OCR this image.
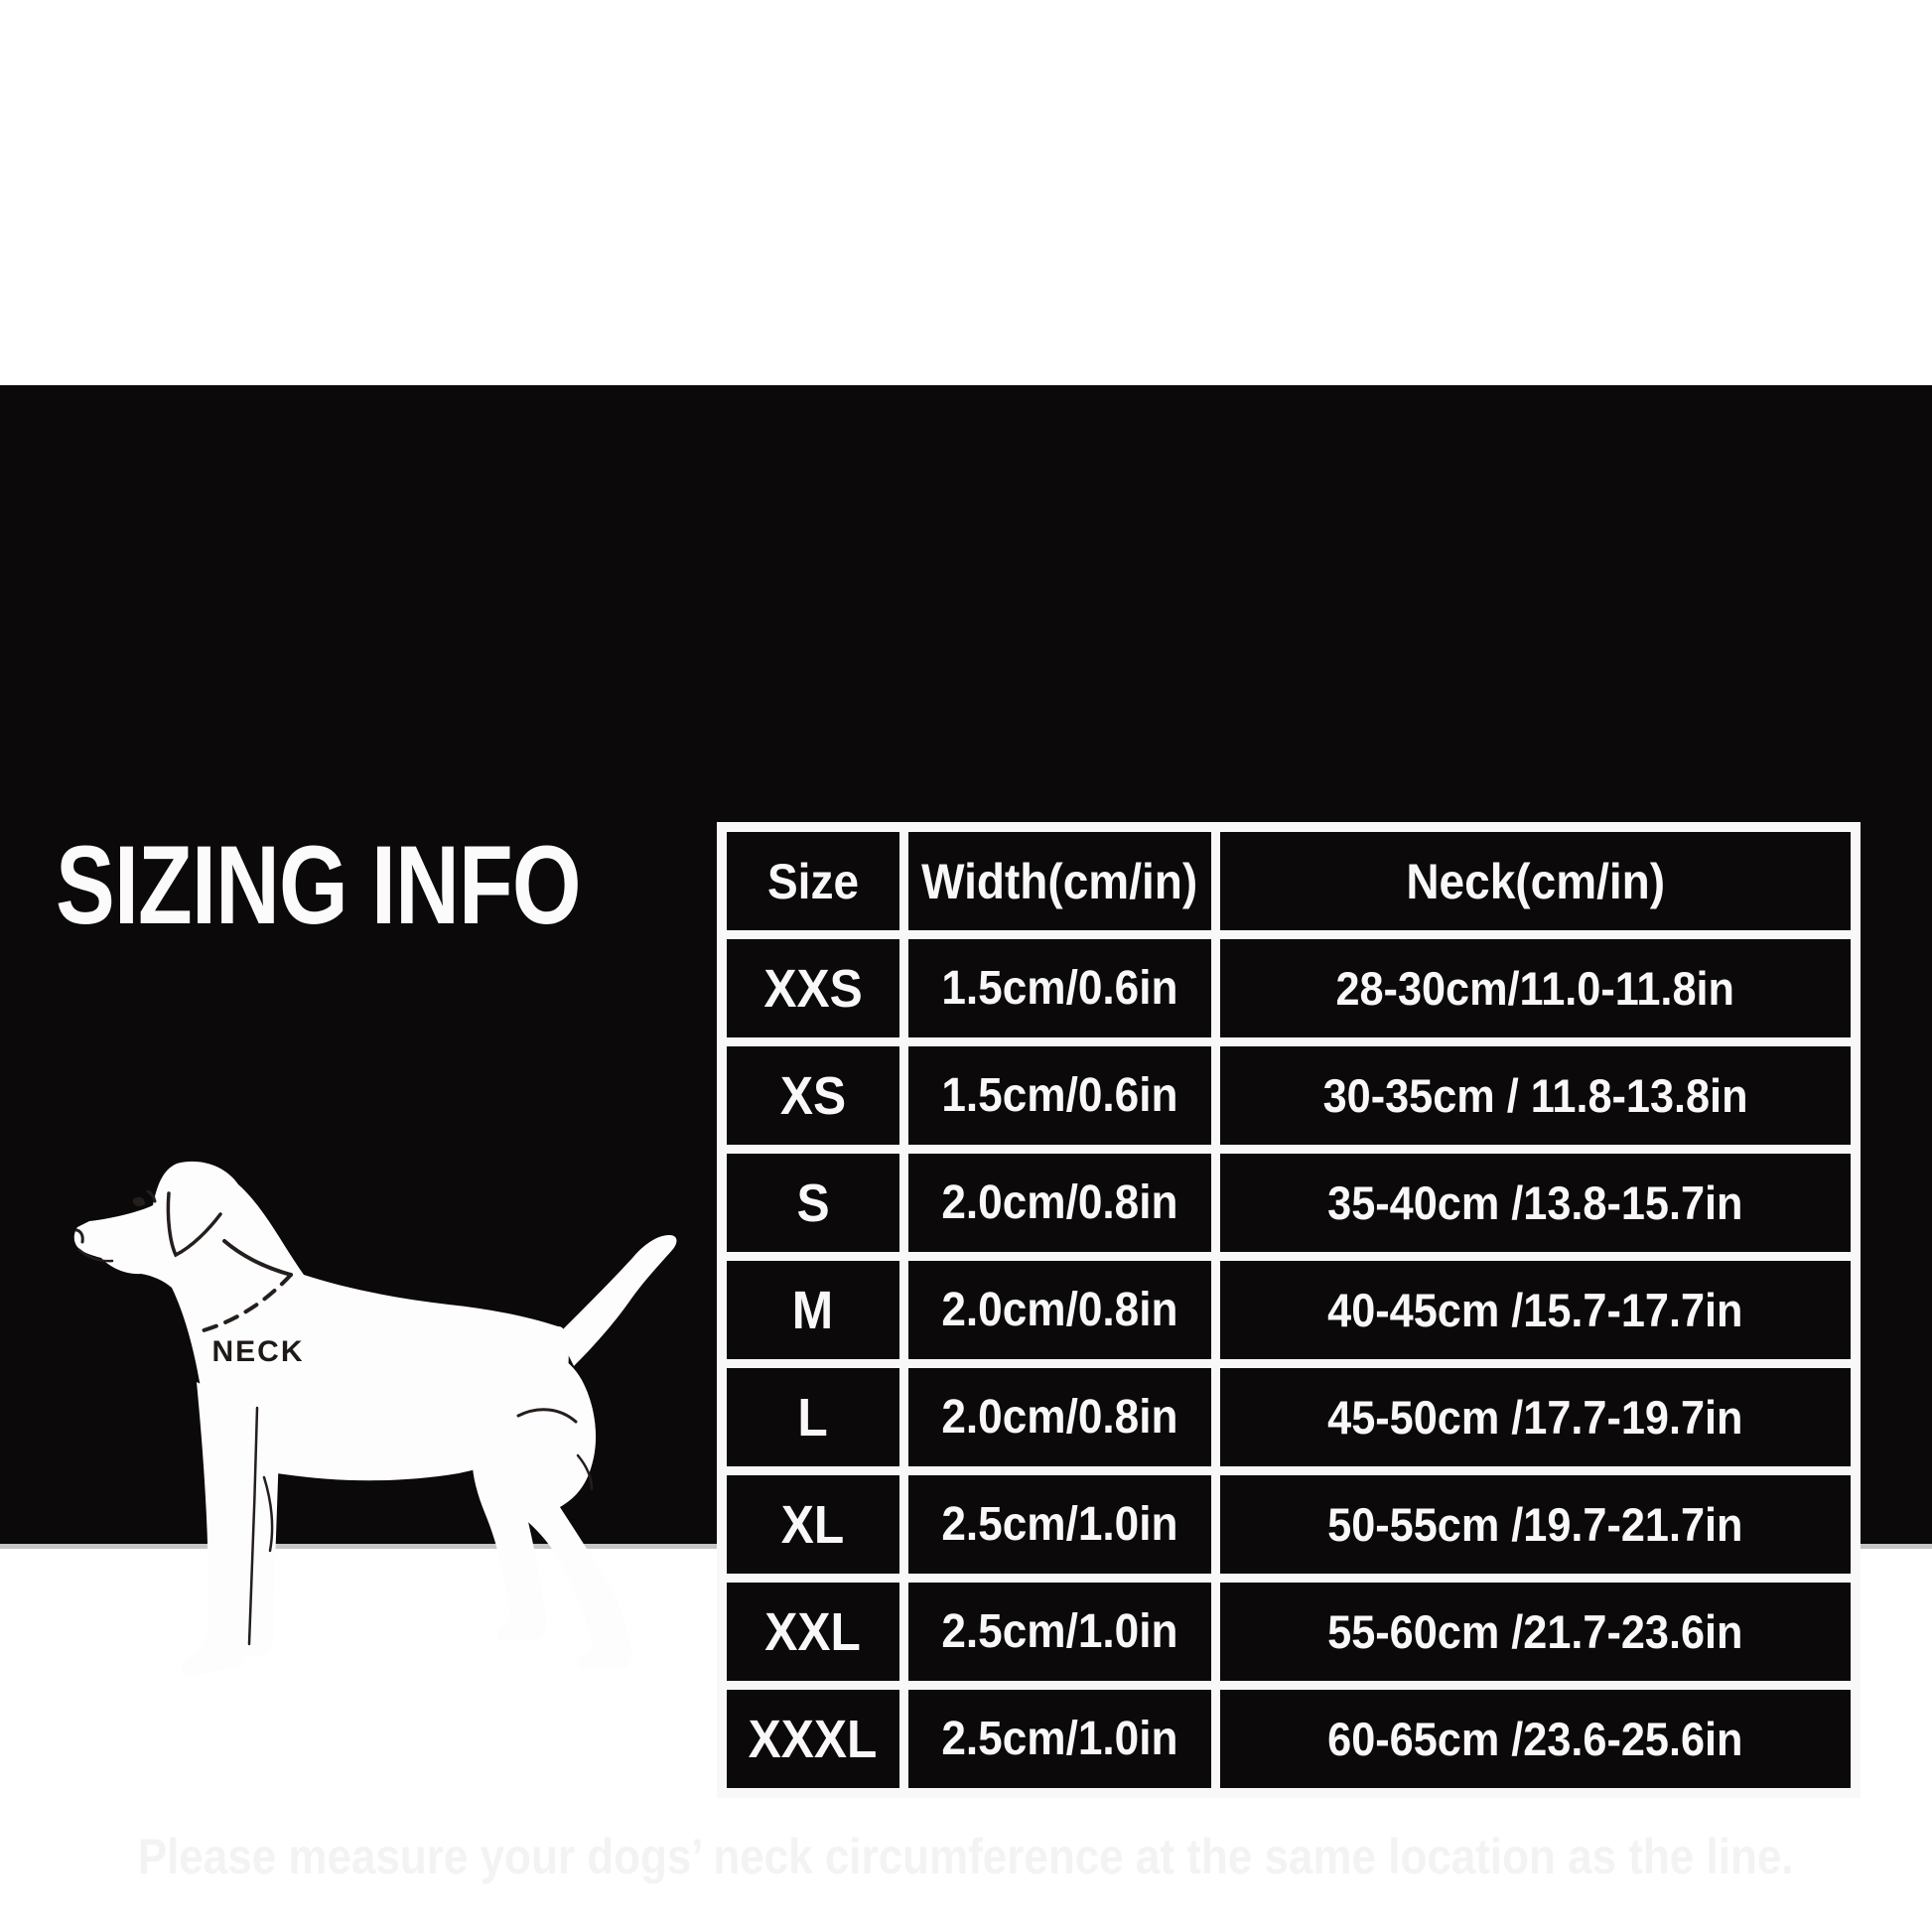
SIZING INFO
NECK
Size	Width(cm/in)	Neck(cm/in)
XXS	1.5cm/0.6in	28-30cm/11.0-11.8in
XS	1.5cm/0.6in	30-35cm / 11.8-13.8in
S	2.0cm/0.8in	35-40cm /13.8-15.7in
M	2.0cm/0.8in	40-45cm /15.7-17.7in
L	2.0cm/0.8in	45-50cm /17.7-19.7in
XL	2.5cm/1.0in	50-55cm /19.7-21.7in
XXL	2.5cm/1.0in	55-60cm /21.7-23.6in
XXXL	2.5cm/1.0in	60-65cm /23.6-25.6in

Please measure your dogs’ neck circumference at the same location as the line.
